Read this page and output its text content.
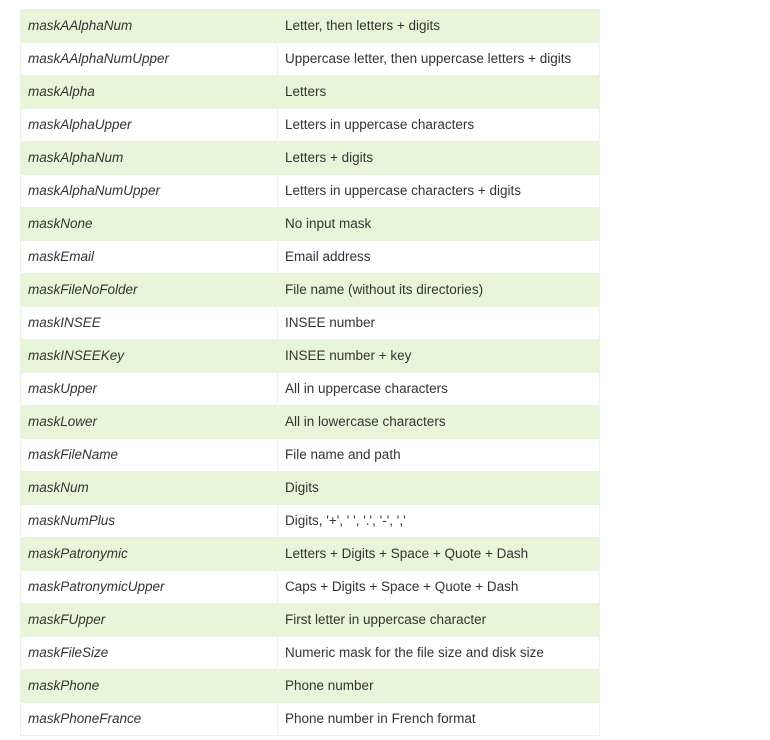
maskAAlphaNum	Letter, then letters + digits
maskAAlphaNumUpper	Uppercase letter, then uppercase letters + digits
maskAlpha	Letters
maskAlphaUpper	Letters in uppercase characters
maskAlphaNum	Letters + digits
maskAlphaNumUpper	Letters in uppercase characters + digits
maskNone	No input mask
maskEmail	Email address
maskFileNoFolder	File name (without its directories)
maskINSEE	INSEE number
maskINSEEKey	INSEE number + key
maskUpper	All in uppercase characters
maskLower	All in lowercase characters
maskFileName	File name and path
maskNum	Digits
maskNumPlus	Digits, '+', ' ', '.', '-', ','
maskPatronymic	Letters + Digits + Space + Quote + Dash
maskPatronymicUpper	Caps + Digits + Space + Quote + Dash
maskFUpper	First letter in uppercase character
maskFileSize	Numeric mask for the file size and disk size
maskPhone	Phone number
maskPhoneFrance	Phone number in French format
